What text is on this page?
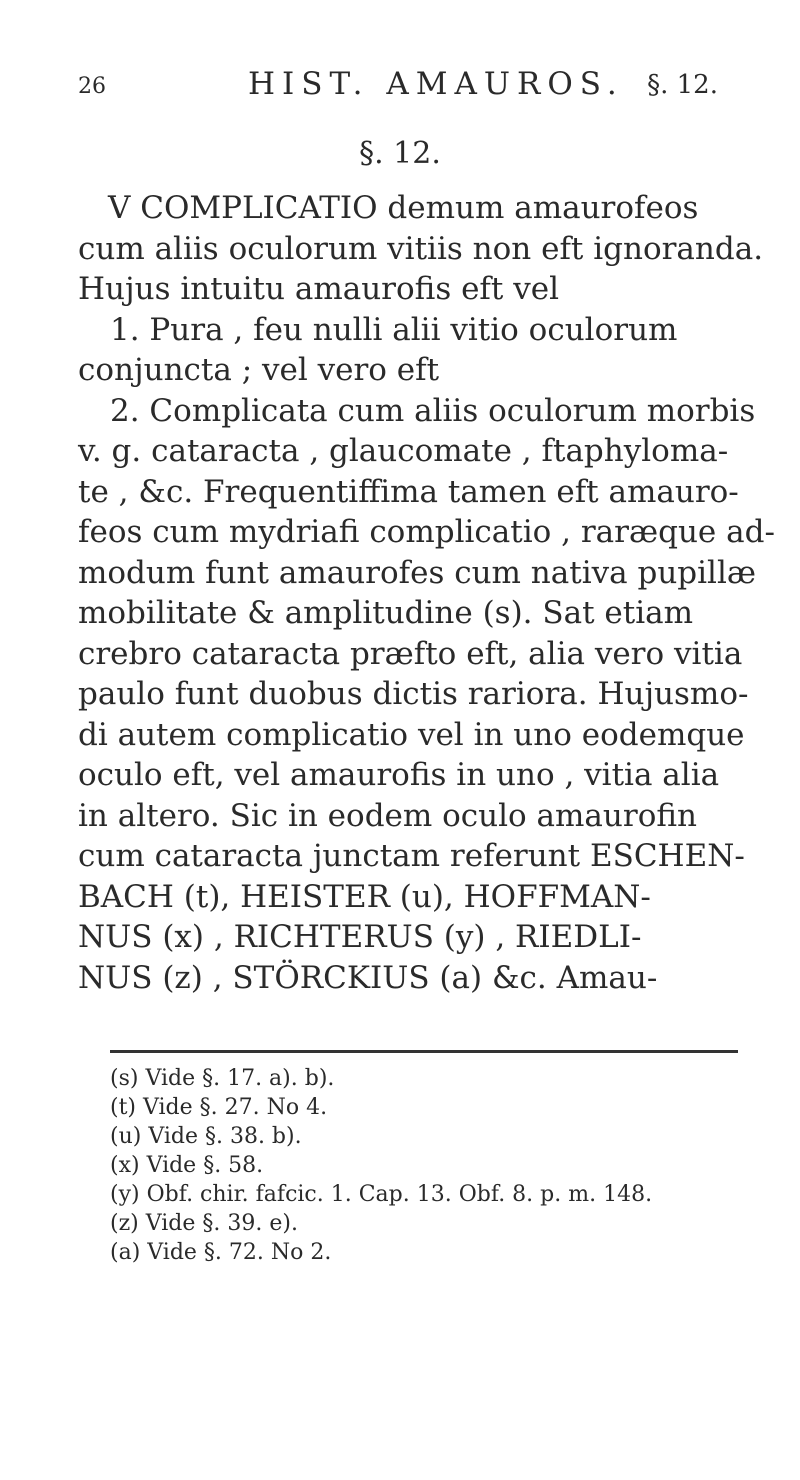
26	HIST. AMAUROS. §. 12.
§. 12.
V COMPLICATIO demum amaurofeos
cum aliis oculorum vitiis non eft ignoranda.
Hujus intuitu amaurofis eft vel
1. Pura , feu nulli alii vitio oculorum
conjuncta ; vel vero eft
2. Complicata cum aliis oculorum morbis
v. g. cataracta , glaucomate , ftaphyloma-
te , &c. Frequentiffima tamen eft amauro-
feos cum mydriafi complicatio , raræque ad-
modum funt amaurofes cum nativa pupillæ
mobilitate & amplitudine (s). Sat etiam
crebro cataracta præfto eft, alia vero vitia
paulo funt duobus dictis rariora. Hujusmo-
di autem complicatio vel in uno eodemque
oculo eft, vel amaurofis in uno , vitia alia
in altero. Sic in eodem oculo amaurofin
cum cataracta junctam referunt ESCHEN-
BACH (t), HEISTER (u), HOFFMAN-
NUS (x) , RICHTERUS (y) , RIEDLI-
NUS (z) , STÖRCKIUS (a) &c. Amau-
(s) Vide §. 17. a). b).
(t) Vide §. 27. No 4.
(u) Vide §. 38. b).
(x) Vide §. 58.
(y) Obf. chir. fafcic. 1. Cap. 13. Obf. 8. p. m. 148.
(z) Vide §. 39. e).
(a) Vide §. 72. No 2.
